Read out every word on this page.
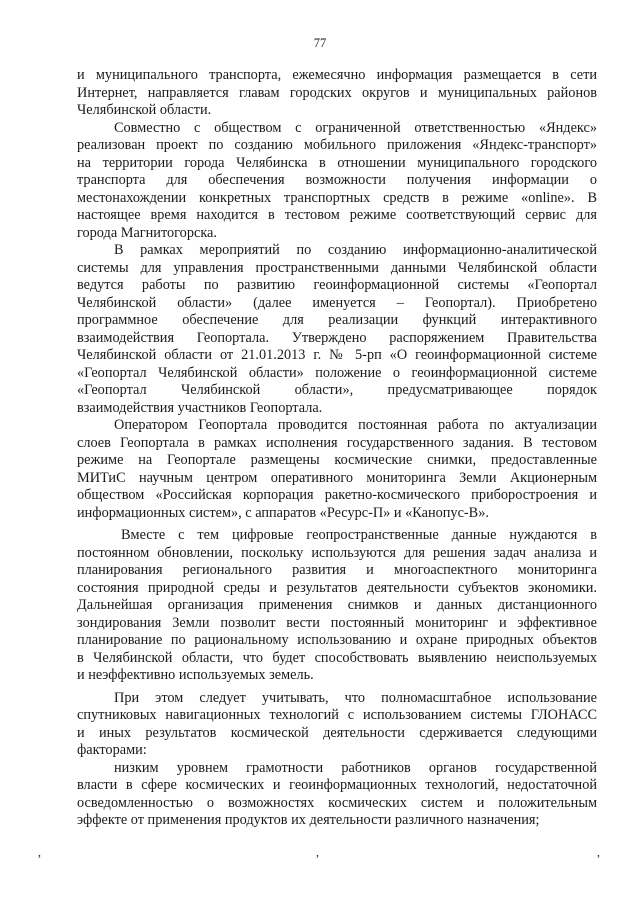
77
и муниципального транспорта, ежемесячно информация размещается в сети
Интернет, направляется главам городских округов и муниципальных районов
Челябинской области.
Совместно с обществом с ограниченной ответственностью «Яндекс»
реализован проект по созданию мобильного приложения «Яндекс-транспорт»
на территории города Челябинска в отношении муниципального городского
транспорта для обеспечения возможности получения информации о
местонахождении конкретных транспортных средств в режиме «online». В
настоящее время находится в тестовом режиме соответствующий сервис для
города Магнитогорска.
В рамках мероприятий по созданию информационно-аналитической
системы для управления пространственными данными Челябинской области
ведутся работы по развитию геоинформационной системы «Геопортал
Челябинской области» (далее именуется – Геопортал). Приобретено
программное обеспечение для реализации функций интерактивного
взаимодействия Геопортала. Утверждено распоряжением Правительства
Челябинской области от 21.01.2013 г. № 5-рп «О геоинформационной системе
«Геопортал Челябинской области» положение о геоинформационной системе
«Геопортал Челябинской области», предусматривающее порядок
взаимодействия участников Геопортала.
Оператором Геопортала проводится постоянная работа по актуализации
слоев Геопортала в рамках исполнения государственного задания. В тестовом
режиме на Геопортале размещены космические снимки, предоставленные
МИТиС научным центром оперативного мониторинга Земли Акционерным
обществом «Российская корпорация ракетно-космического приборостроения и
информационных систем», с аппаратов «Ресурс-П» и «Канопус-В».
Вместе с тем цифровые геопространственные данные нуждаются в
постоянном обновлении, поскольку используются для решения задач анализа и
планирования регионального развития и многоаспектного мониторинга
состояния природной среды и результатов деятельности субъектов экономики.
Дальнейшая организация применения снимков и данных дистанционного
зондирования Земли позволит вести постоянный мониторинг и эффективное
планирование по рациональному использованию и охране природных объектов
в Челябинской области, что будет способствовать выявлению неиспользуемых
и неэффективно используемых земель.
При этом следует учитывать, что полномасштабное использование
спутниковых навигационных технологий с использованием системы ГЛОНАСС
и иных результатов космической деятельности сдерживается следующими
факторами:
низким уровнем грамотности работников органов государственной
власти в сфере космических и геоинформационных технологий, недостаточной
осведомленностью о возможностях космических систем и положительным
эффекте от применения продуктов их деятельности различного назначения;
,	,	,
